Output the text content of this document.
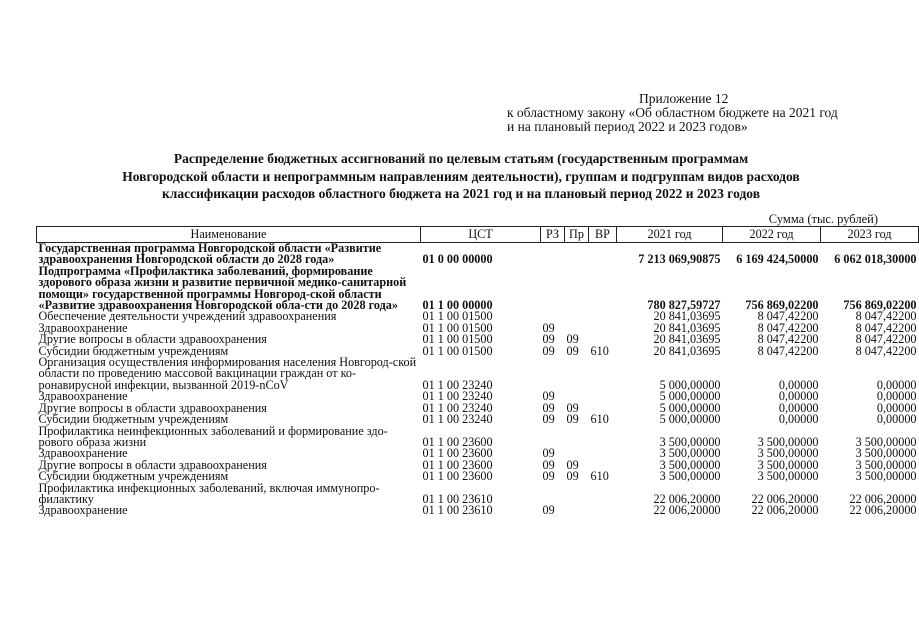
Приложение 12
к областному закону «Об областном бюджете на 2021 год
и на плановый период 2022 и 2023 годов»
Распределение бюджетных ассигнований по целевым статьям (государственным программам
Новгородской области и непрограммным направлениям деятельности), группам и подгруппам видов расходов
классификации расходов областного бюджета на 2021 год и на плановый период 2022 и 2023 годов
Сумма (тыс. рублей)
Наименование	ЦСТ	РЗ	Пр	ВР	2021 год	2022 год	2023 год
Государственная программа Новгородской области «Развитие здравоохранения Новгородской области до 2028 года»	01 0 00 00000				7 213 069,90875	6 169 424,50000	6 062 018,30000
Подпрограмма «Профилактика заболеваний, формирование здорового образа жизни и развитие первичной медико-санитарной помощи» государственной программы Новгород-ской области «Развитие здравоохранения Новгородской обла-сти до 2028 года»	01 1 00 00000				780 827,59727	756 869,02200	756 869,02200
Обеспечение деятельности учреждений здравоохранения	01 1 00 01500				20 841,03695	8 047,42200	8 047,42200
Здравоохранение	01 1 00 01500	09			20 841,03695	8 047,42200	8 047,42200
Другие вопросы в области здравоохранения	01 1 00 01500	09	09		20 841,03695	8 047,42200	8 047,42200
Субсидии бюджетным учреждениям	01 1 00 01500	09	09	610	20 841,03695	8 047,42200	8 047,42200
Организация осуществления информирования населения Новгород-ской области по проведению массовой вакцинации граждан от ко-ронавирусной инфекции, вызванной 2019-nCoV	01 1 00 23240				5 000,00000	0,00000	0,00000
Здравоохранение	01 1 00 23240	09			5 000,00000	0,00000	0,00000
Другие вопросы в области здравоохранения	01 1 00 23240	09	09		5 000,00000	0,00000	0,00000
Субсидии бюджетным учреждениям	01 1 00 23240	09	09	610	5 000,00000	0,00000	0,00000
Профилактика неинфекционных заболеваний и формирование здо-рового образа жизни	01 1 00 23600				3 500,00000	3 500,00000	3 500,00000
Здравоохранение	01 1 00 23600	09			3 500,00000	3 500,00000	3 500,00000
Другие вопросы в области здравоохранения	01 1 00 23600	09	09		3 500,00000	3 500,00000	3 500,00000
Субсидии бюджетным учреждениям	01 1 00 23600	09	09	610	3 500,00000	3 500,00000	3 500,00000
Профилактика инфекционных заболеваний, включая иммунопро-филактику	01 1 00 23610				22 006,20000	22 006,20000	22 006,20000
Здравоохранение	01 1 00 23610	09			22 006,20000	22 006,20000	22 006,20000
